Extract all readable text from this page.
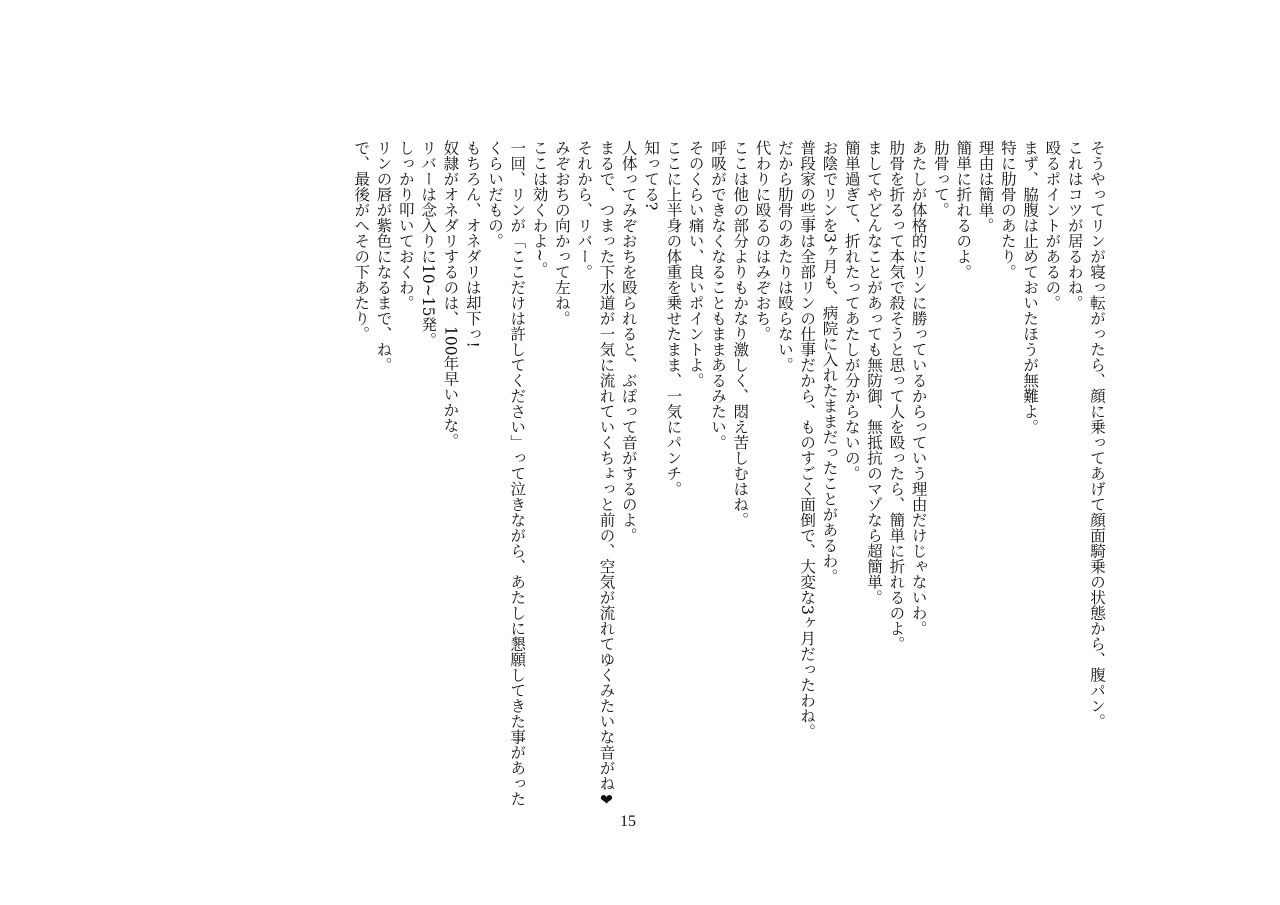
そうやってリンが寝っ転がったら、顔に乗ってあげて顔面騎乗の状態から、腹パン。
これはコツが居るわね。
殴るポイントがあるの。
まず、脇腹は止めておいたほうが無難よ。
特に肋骨のあたり。
理由は簡単。
簡単に折れるのよ。
肋骨って。
あたしが体格的にリンに勝っているからっていう理由だけじゃないわ。
肋骨を折るって本気で殺そうと思って人を殴ったら、簡単に折れるのよ。
ましてやどんなことがあっても無防御、無抵抗のマゾなら超簡単。
簡単過ぎて、折れたってあたしが分からないの。
お陰でリンを3ヶ月も、病院に入れたままだったことがあるわ。
普段家の些事は全部リンの仕事だから、ものすごく面倒で、大変な3ヶ月だったわね。
だから肋骨のあたりは殴らない。
代わりに殴るのはみぞおち。
ここは他の部分よりもかなり激しく、悶え苦しむはね。
呼吸ができなくなることもままあるみたい。
そのくらい痛い、良いポイントよ。
ここに上半身の体重を乗せたまま、一気にパンチ。
知ってる?
人体ってみぞおちを殴られると、ぶぽって音がするのよ。
まるで、つまった下水道が一気に流れていくちょっと前の、空気が流れてゆくみたいな音がね❤
それから、リバー。
みぞおちの向かって左ね。
ここは効くわよ~。
一回、リンが「ここだけは許してください」って泣きながら、あたしに懇願してきた事があったくらいだもの。
もちろん、オネダリは却下っ!
奴隷がオネダリするのは、100年早いかな。
リバーは念入りに10~15発。
しっかり叩いておくわ。
リンの唇が紫色になるまで、ね。
で、最後がへその下あたり。
15
